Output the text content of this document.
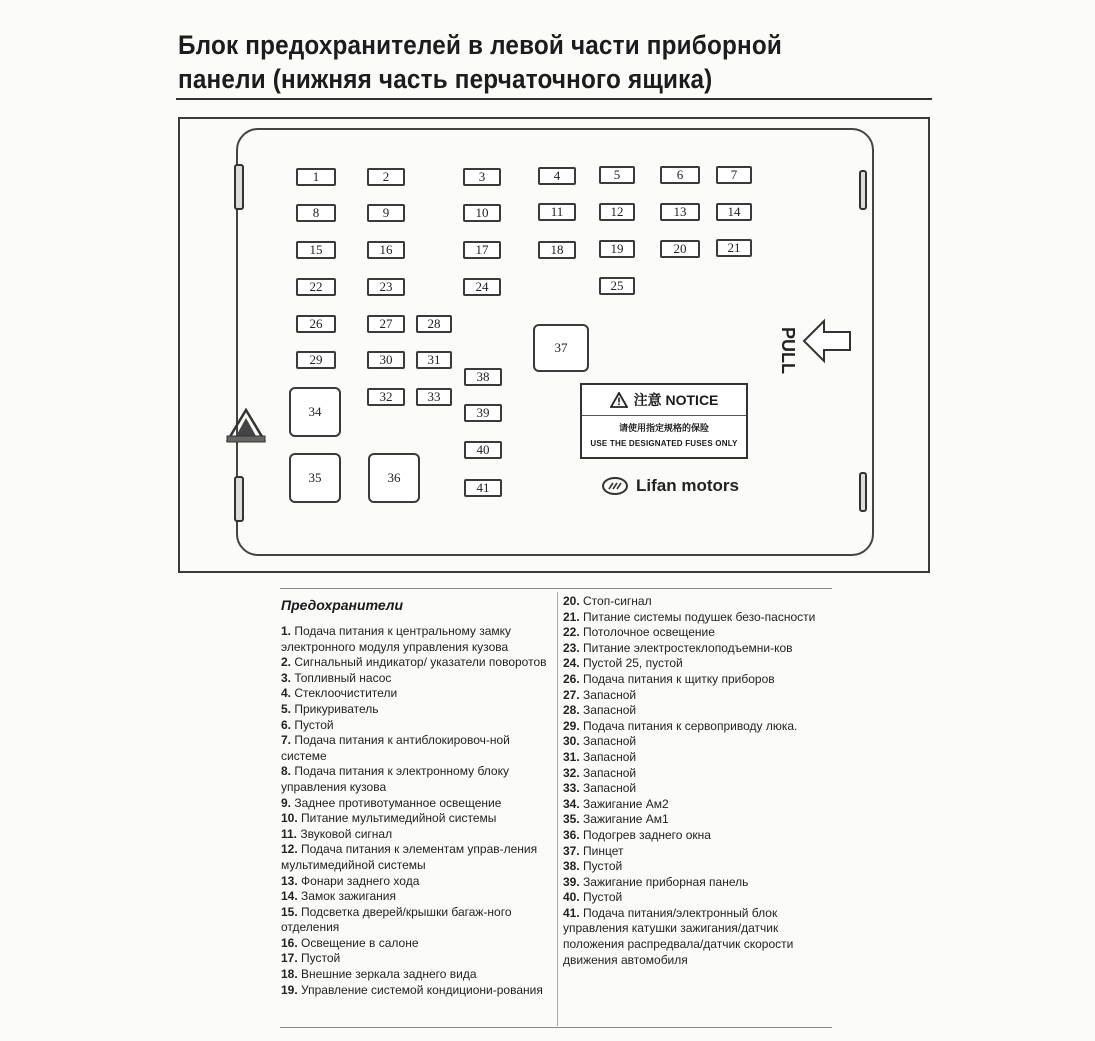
Блок предохранителей в левой части приборной
панели (нижняя часть перчаточного ящика)
1	2	3	4	5	6	7
8	9	10	11	12	13	14
15	16	17	18	19	20	21
22	23	24	25
26	27	28
29	30	31
32	33
38
39
40
41
34
35	36
37	PULL
注意 NOTICE
请使用指定规格的保险
USE THE DESIGNATED FUSES ONLY
Lifan motors
Предохранители

1. Подача питания к центральному замку электронного модуля управления кузова

2. Сигнальный индикатор/ указатели поворотов

3. Топливный насос

4. Стеклоочистители

5. Прикуриватель

6. Пустой

7. Подача питания к антиблокировоч-ной системе

8. Подача питания к электронному блоку управления кузова

9. Заднее противотуманное освещение

10. Питание мультимедийной системы

11. Звуковой сигнал

12. Подача питания к элементам управ-ления мультимедийной системы

13. Фонари заднего хода

14. Замок зажигания

15. Подсветка дверей/крышки багаж-ного отделения

16. Освещение в салоне

17. Пустой

18. Внешние зеркала заднего вида

19. Управление системой кондициони-рования

20. Стоп-сигнал

21. Питание системы подушек безо-пасности

22. Потолочное освещение

23. Питание электростеклоподъемни-ков

24. Пустой 25, пустой

26. Подача питания к щитку приборов

27. Запасной

28. Запасной

29. Подача питания к сервоприводу люка.

30. Запасной

31. Запасной

32. Запасной

33. Запасной

34. Зажигание Ам2

35. Зажигание Ам1

36. Подогрев заднего окна

37. Пинцет

38. Пустой

39. Зажигание приборная панель

40. Пустой

41. Подача питания/электронный блок управления катушки зажигания/датчик положения распредвала/датчик скорости движения автомобиля
